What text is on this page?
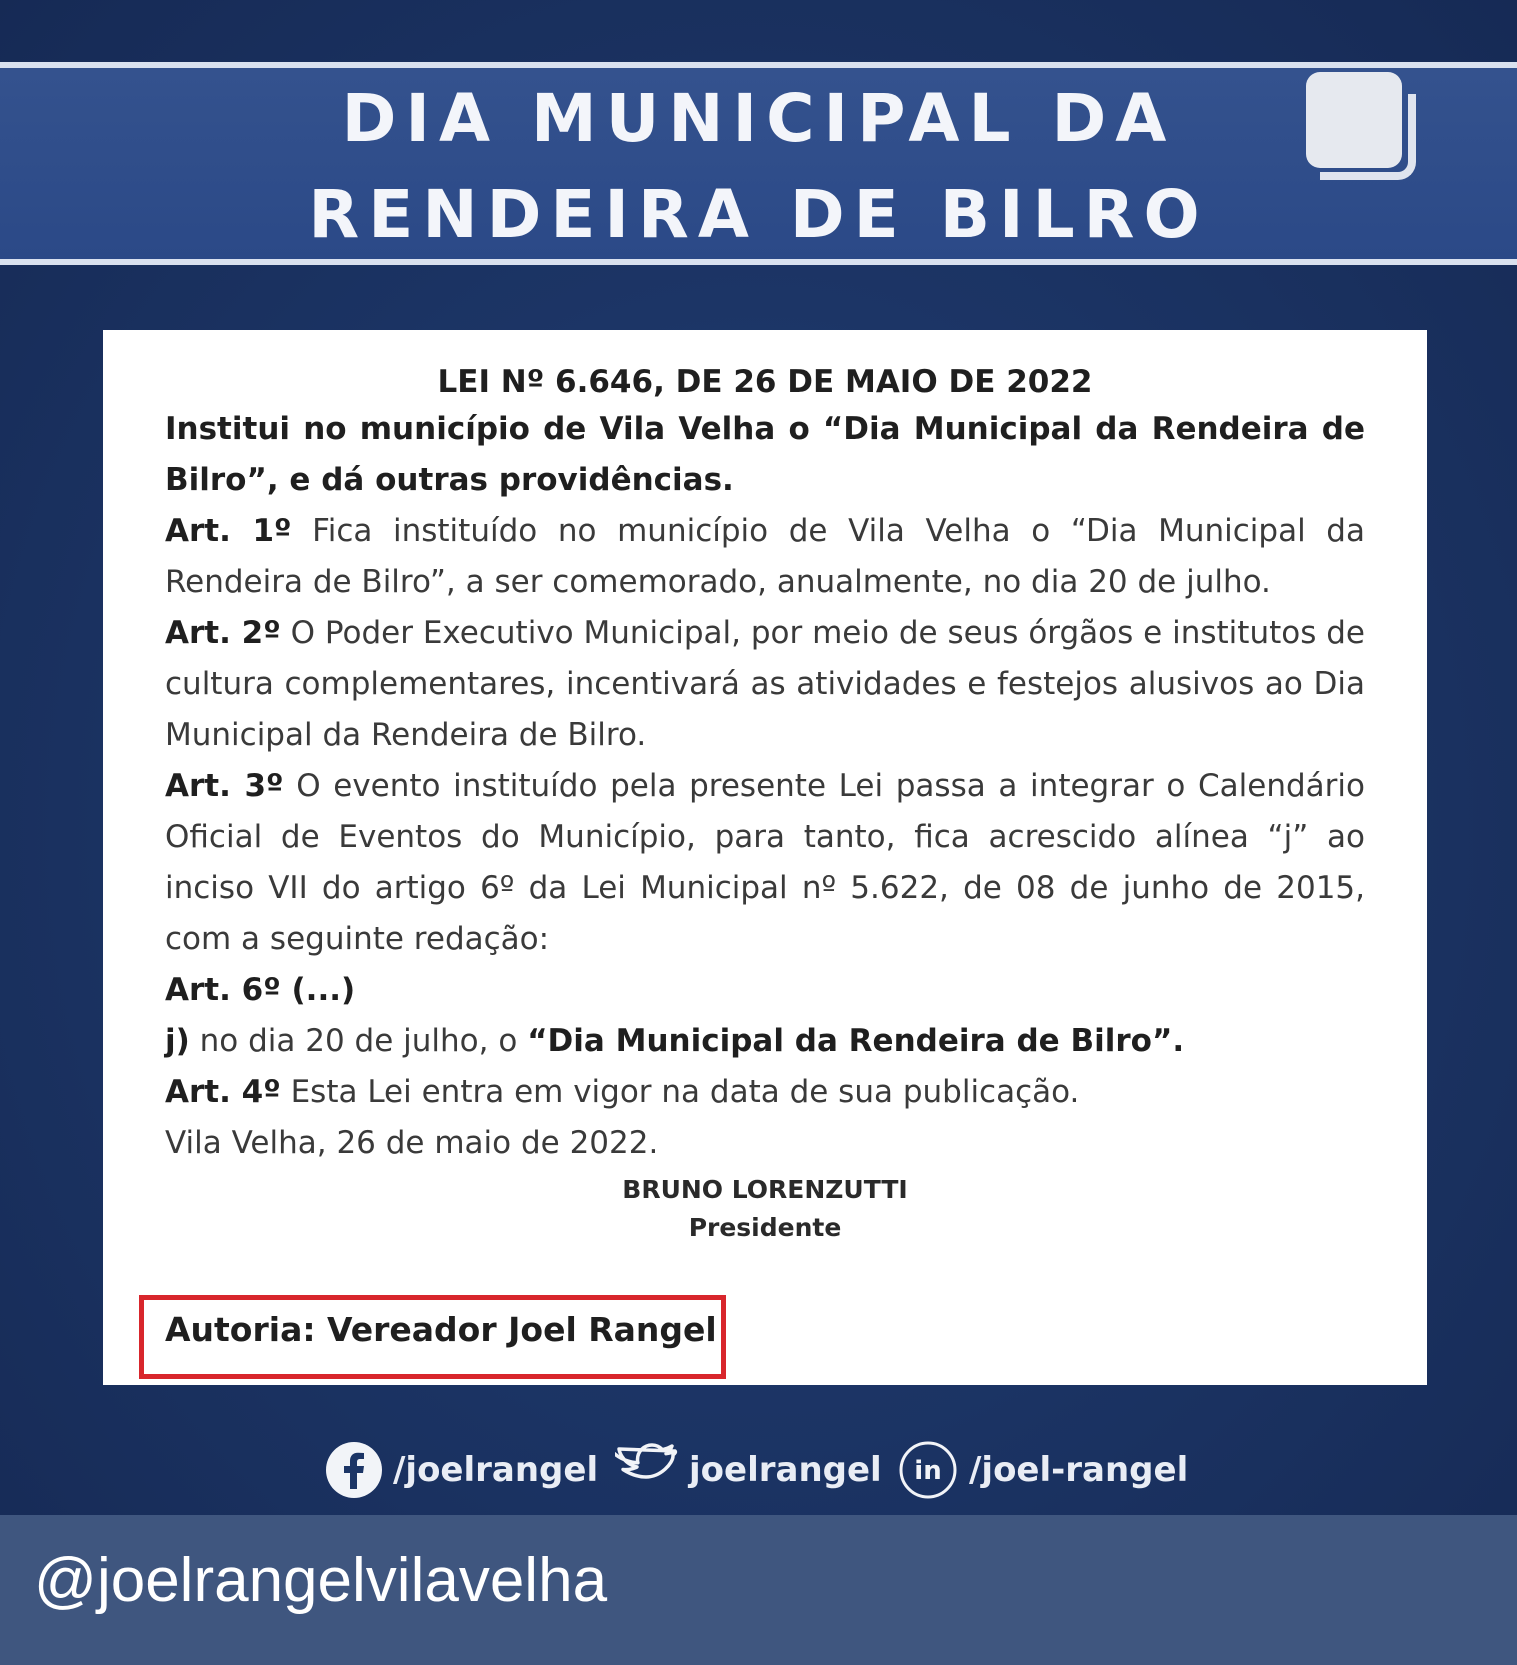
DIA MUNICIPAL DA
RENDEIRA DE BILRO
LEI Nº 6.646, DE 26 DE MAIO DE 2022

Institui no município de Vila Velha o “Dia Municipal da Rendeira de Bilro”, e dá outras providências.

Art. 1º Fica instituído no município de Vila Velha o “Dia Municipal da Rendeira de Bilro”, a ser comemorado, anualmente, no dia 20 de julho.

Art. 2º O Poder Executivo Municipal, por meio de seus órgãos e institutos de cultura complementares, incentivará as atividades e festejos alusivos ao Dia Municipal da Rendeira de Bilro.

Art. 3º O evento instituído pela presente Lei passa a integrar o Calendário Oficial de Eventos do Município, para tanto, fica acrescido alínea “j” ao inciso VII do artigo 6º da Lei Municipal nº 5.622, de 08 de junho de 2015, com a seguinte redação:

Art. 6º (...)

j) no dia 20 de julho, o “Dia Municipal da Rendeira de Bilro”.

Art. 4º Esta Lei entra em vigor na data de sua publicação.

Vila Velha, 26 de maio de 2022.

BRUNO LORENZUTTI
Presidente
Autoria: Vereador Joel Rangel
/joelrangel	joelrangel in /joel-rangel
@joelrangelvilavelha
